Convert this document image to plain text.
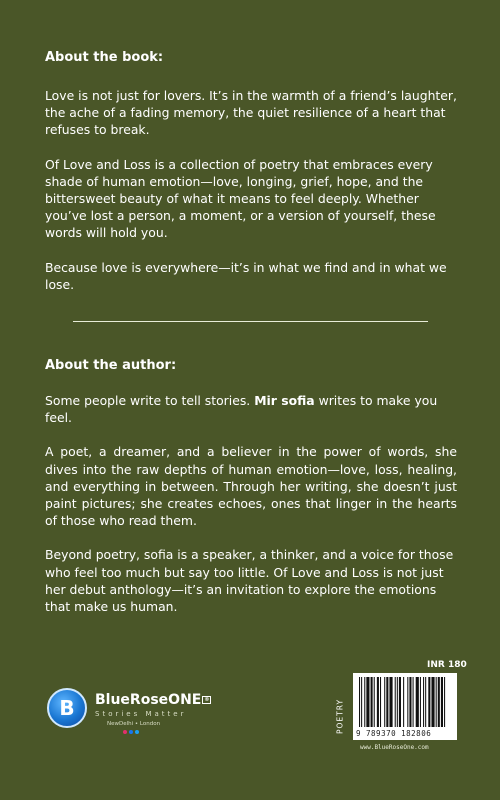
About the book:

Love is not just for lovers. It’s in the warmth of a friend’s laughter, the ache of a fading memory, the quiet resilience of a heart that refuses to break.

Of Love and Loss is a collection of poetry that embraces every shade of human emotion—love, longing, grief, hope, and the bittersweet beauty of what it means to feel deeply. Whether you’ve lost a person, a moment, or a version of yourself, these words will hold you.

Because love is everywhere—it’s in what we find and in what we lose.

About the author:

Some people write to tell stories. Mir sofia writes to make you feel.

A poet, a dreamer, and a believer in the power of words, she dives into the raw depths of human emotion—love, loss, healing, and everything in between. Through her writing, she doesn’t just paint pictures; she creates echoes, ones that linger in the hearts of those who read them.

Beyond poetry, sofia is a speaker, a thinker, and a voice for those who feel too much but say too little. Of Love and Loss is not just her debut anthology—it’s an invitation to explore the emotions that make us human.

B	BlueRoseONE ®
Stories Matter
NewDelhi • London
INR 180
POETRY	9 789370 182806
www.BlueRoseOne.com
